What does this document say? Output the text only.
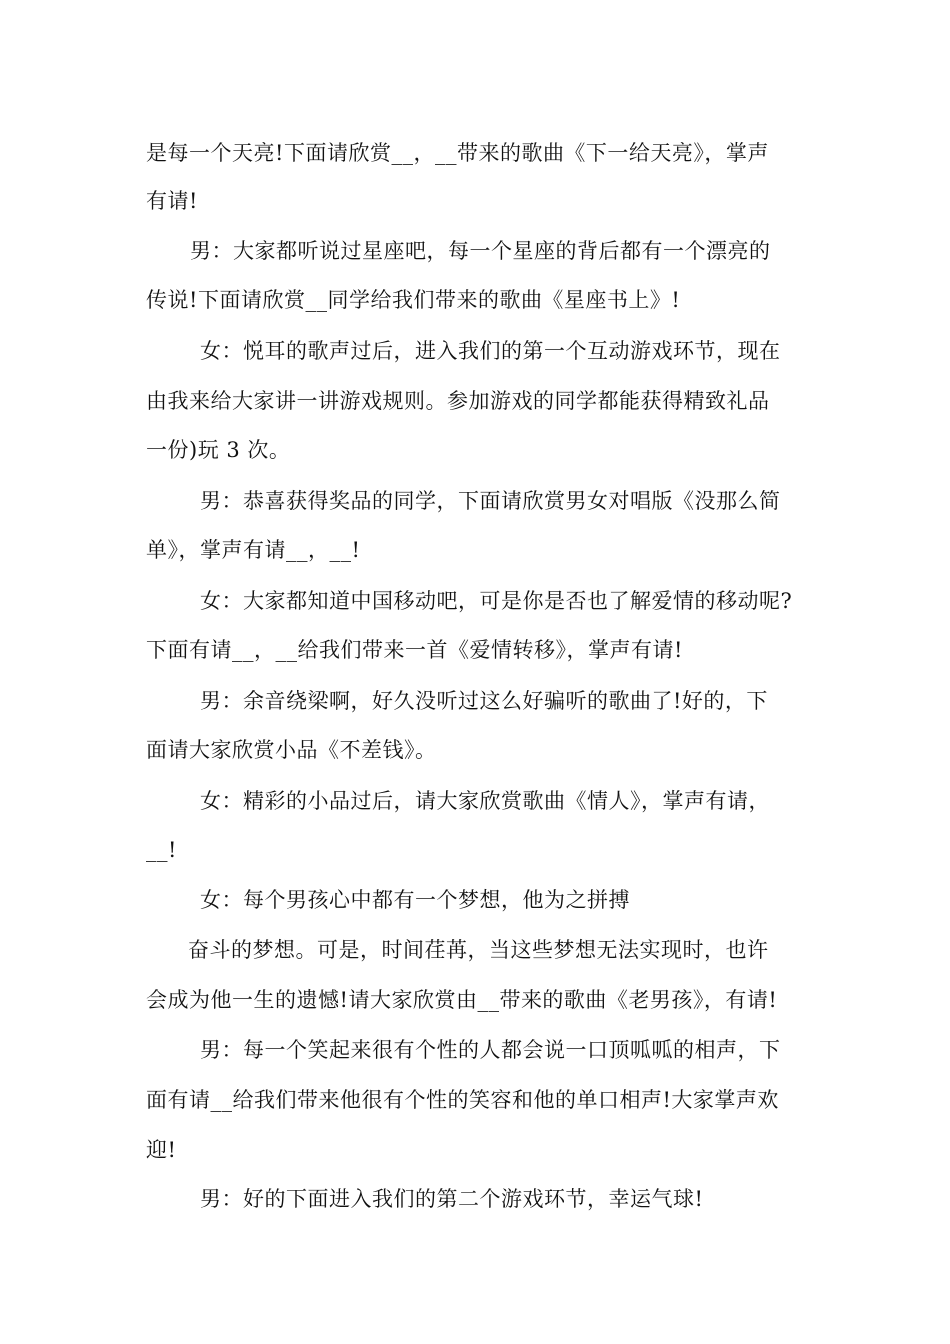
是每一个天亮!下面请欣赏__，__带来的歌曲《下一给天亮》，掌声
有请!
男：大家都听说过星座吧，每一个星座的背后都有一个漂亮的
传说!下面请欣赏__同学给我们带来的歌曲《星座书上》!
女：悦耳的歌声过后，进入我们的第一个互动游戏环节，现在
由我来给大家讲一讲游戏规则。参加游戏的同学都能获得精致礼品
一份)玩 3 次。
男：恭喜获得奖品的同学，下面请欣赏男女对唱版《没那么简
单》，掌声有请__，__!
女：大家都知道中国移动吧，可是你是否也了解爱情的移动呢?
下面有请__，__给我们带来一首《爱情转移》，掌声有请!
男：余音绕梁啊，好久没听过这么好骗听的歌曲了!好的，下
面请大家欣赏小品《不差钱》。
女：精彩的小品过后，请大家欣赏歌曲《情人》，掌声有请，
__!
女：每个男孩心中都有一个梦想，他为之拼搏
奋斗的梦想。可是，时间荏苒，当这些梦想无法实现时，也许
会成为他一生的遗憾!请大家欣赏由__带来的歌曲《老男孩》，有请!
男：每一个笑起来很有个性的人都会说一口顶呱呱的相声，下
面有请__给我们带来他很有个性的笑容和他的单口相声!大家掌声欢
迎!
男：好的下面进入我们的第二个游戏环节，幸运气球!
